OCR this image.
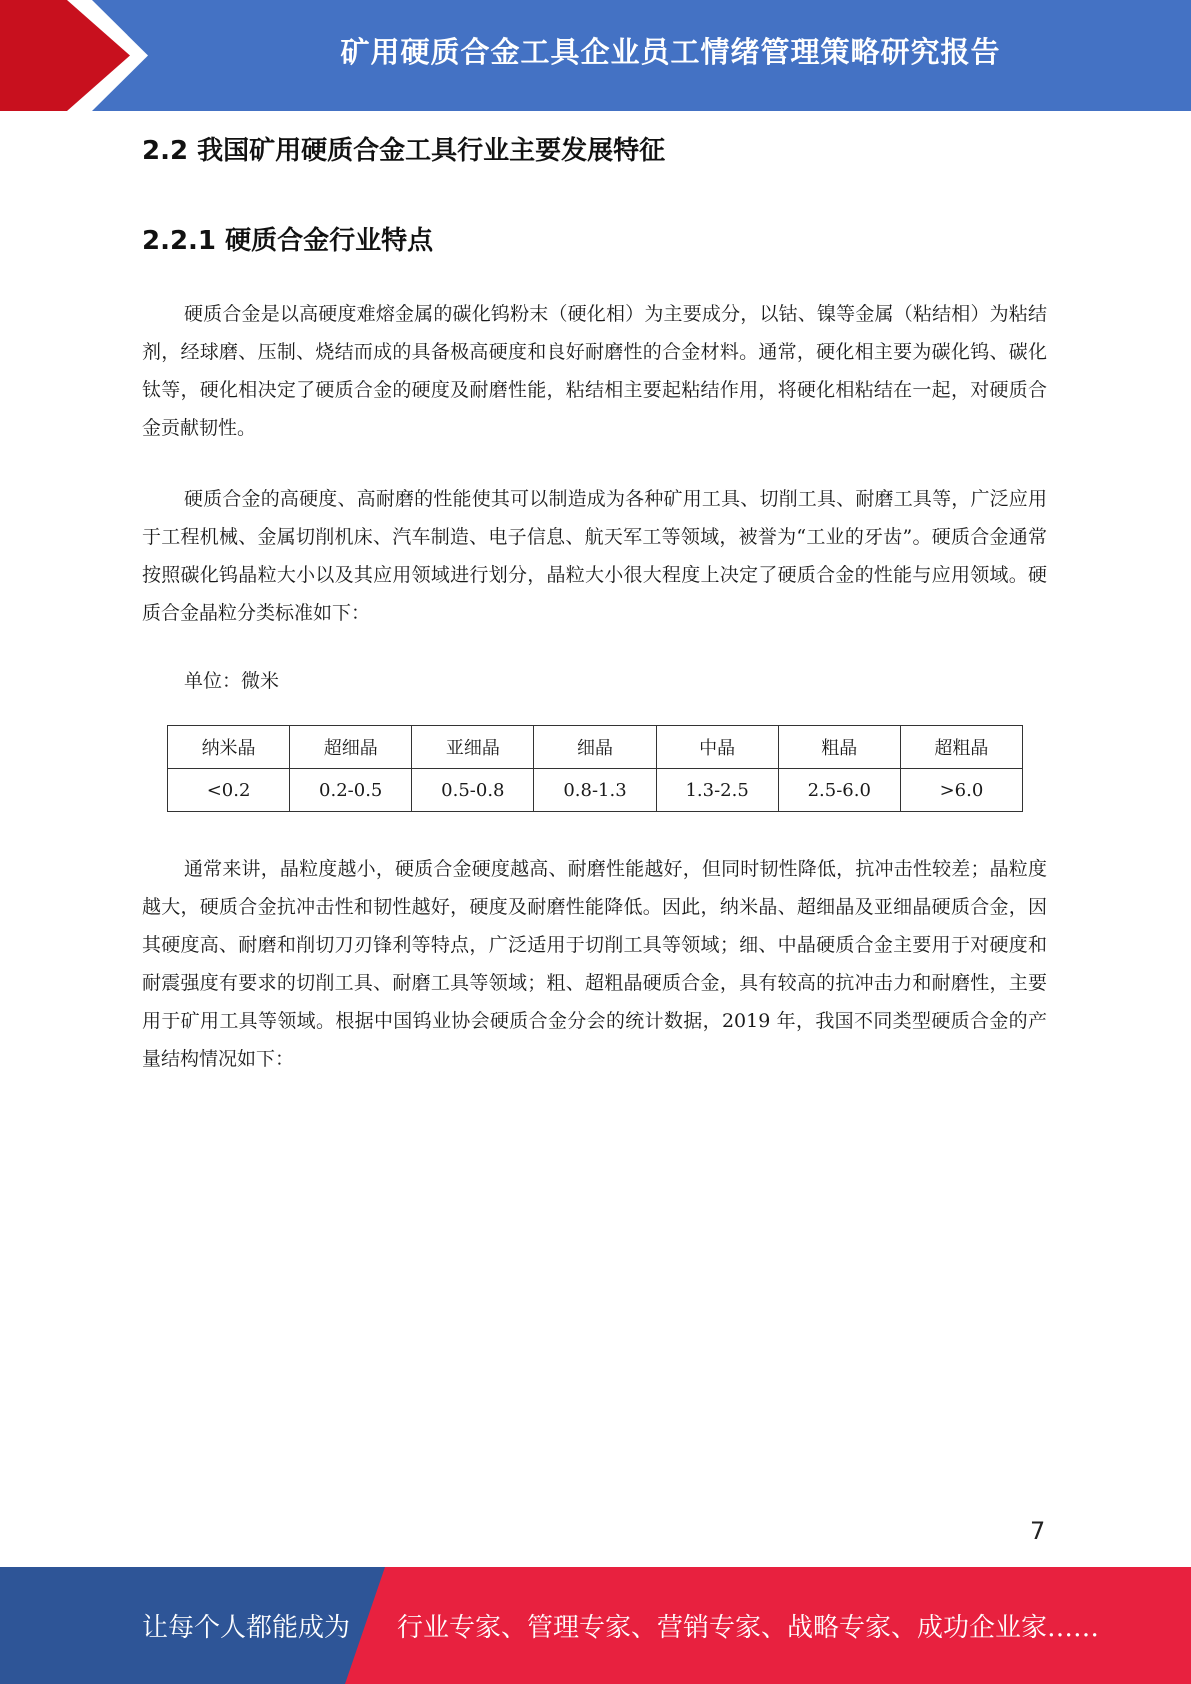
矿用硬质合金工具企业员工情绪管理策略研究报告
2.2 我国矿用硬质合金工具行业主要发展特征
2.2.1 硬质合金行业特点

硬质合金是以高硬度难熔金属的碳化钨粉末（硬化相）为主要成分，以钴、镍等金属（粘结相）为粘结剂，经球磨、压制、烧结而成的具备极高硬度和良好耐磨性的合金材料。通常，硬化相主要为碳化钨、碳化钛等，硬化相决定了硬质合金的硬度及耐磨性能，粘结相主要起粘结作用，将硬化相粘结在一起，对硬质合金贡献韧性。

硬质合金的高硬度、高耐磨的性能使其可以制造成为各种矿用工具、切削工具、耐磨工具等，广泛应用于工程机械、金属切削机床、汽车制造、电子信息、航天军工等领域，被誉为“工业的牙齿”。硬质合金通常按照碳化钨晶粒大小以及其应用领域进行划分，晶粒大小很大程度上决定了硬质合金的性能与应用领域。硬质合金晶粒分类标准如下：

单位：微米
纳米晶	超细晶	亚细晶	细晶	中晶	粗晶	超粗晶
<0.2	0.2-0.5	0.5-0.8	0.8-1.3	1.3-2.5	2.5-6.0	>6.0

通常来讲，晶粒度越小，硬质合金硬度越高、耐磨性能越好，但同时韧性降低，抗冲击性较差；晶粒度越大，硬质合金抗冲击性和韧性越好，硬度及耐磨性能降低。因此，纳米晶、超细晶及亚细晶硬质合金，因其硬度高、耐磨和削切刀刃锋利等特点，广泛适用于切削工具等领域；细、中晶硬质合金主要用于对硬度和耐震强度有要求的切削工具、耐磨工具等领域；粗、超粗晶硬质合金，具有较高的抗冲击力和耐磨性，主要用于矿用工具等领域。根据中国钨业协会硬质合金分会的统计数据，2019 年，我国不同类型硬质合金的产量结构情况如下：

7
让每个人都能成为 行业专家、管理专家、营销专家、战略专家、成功企业家……
